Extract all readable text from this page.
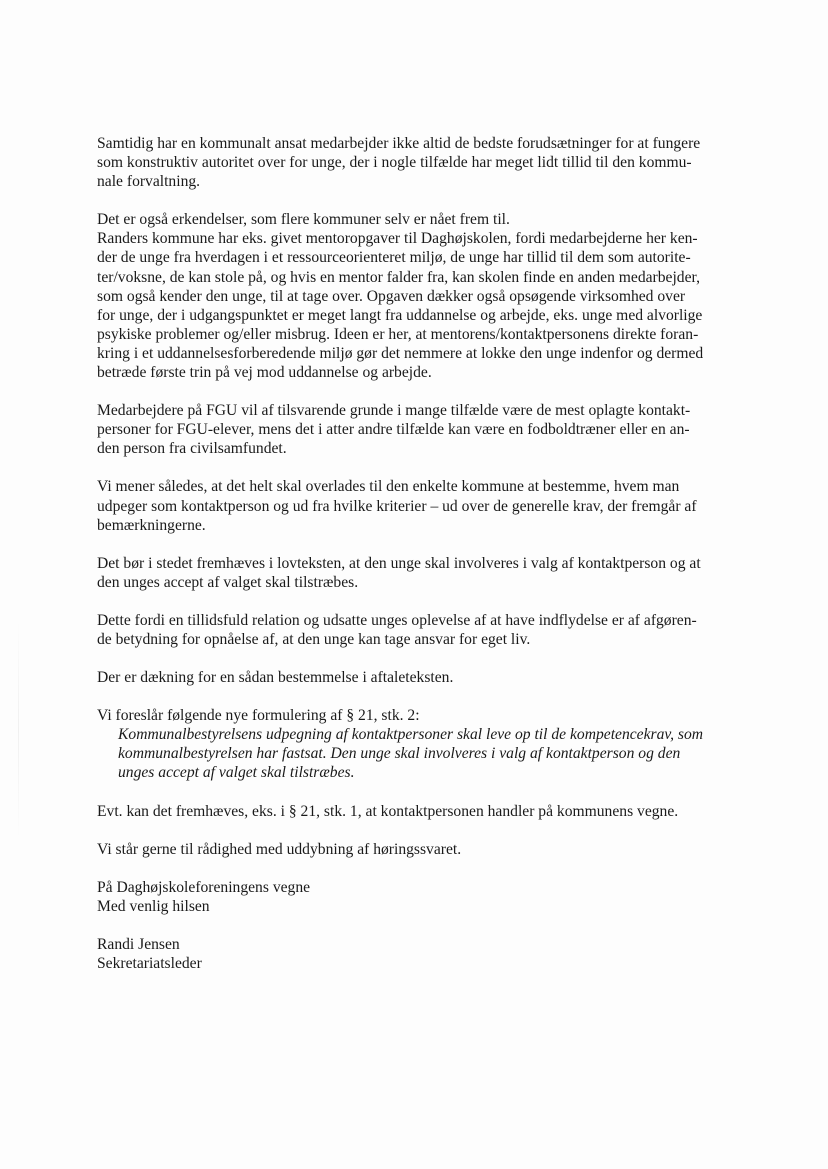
Samtidig har en kommunalt ansat medarbejder ikke altid de bedste forudsætninger for at fungere
som konstruktiv autoritet over for unge, der i nogle tilfælde har meget lidt tillid til den kommu-
nale forvaltning.
Det er også erkendelser, som flere kommuner selv er nået frem til.
Randers kommune har eks. givet mentoropgaver til Daghøjskolen, fordi medarbejderne her ken-
der de unge fra hverdagen i et ressourceorienteret miljø, de unge har tillid til dem som autorite-
ter/voksne, de kan stole på, og hvis en mentor falder fra, kan skolen finde en anden medarbejder,
som også kender den unge, til at tage over. Opgaven dækker også opsøgende virksomhed over
for unge, der i udgangspunktet er meget langt fra uddannelse og arbejde, eks. unge med alvorlige
psykiske problemer og/eller misbrug. Ideen er her, at mentorens/kontaktpersonens direkte foran-
kring i et uddannelsesforberedende miljø gør det nemmere at lokke den unge indenfor og dermed
betræde første trin på vej mod uddannelse og arbejde.
Medarbejdere på FGU vil af tilsvarende grunde i mange tilfælde være de mest oplagte kontakt-
personer for FGU-elever, mens det i atter andre tilfælde kan være en fodboldtræner eller en an-
den person fra civilsamfundet.
Vi mener således, at det helt skal overlades til den enkelte kommune at bestemme, hvem man
udpeger som kontaktperson og ud fra hvilke kriterier – ud over de generelle krav, der fremgår af
bemærkningerne.
Det bør i stedet fremhæves i lovteksten, at den unge skal involveres i valg af kontaktperson og at
den unges accept af valget skal tilstræbes.
Dette fordi en tillidsfuld relation og udsatte unges oplevelse af at have indflydelse er af afgøren-
de betydning for opnåelse af, at den unge kan tage ansvar for eget liv.
Der er dækning for en sådan bestemmelse i aftaleteksten.
Vi foreslår følgende nye formulering af § 21, stk. 2:
Kommunalbestyrelsens udpegning af kontaktpersoner skal leve op til de kompetencekrav, som
kommunalbestyrelsen har fastsat. Den unge skal involveres i valg af kontaktperson og den
unges accept af valget skal tilstræbes.
Evt. kan det fremhæves, eks. i § 21, stk. 1, at kontaktpersonen handler på kommunens vegne.
Vi står gerne til rådighed med uddybning af høringssvaret.
På Daghøjskoleforeningens vegne
Med venlig hilsen
Randi Jensen
Sekretariatsleder
